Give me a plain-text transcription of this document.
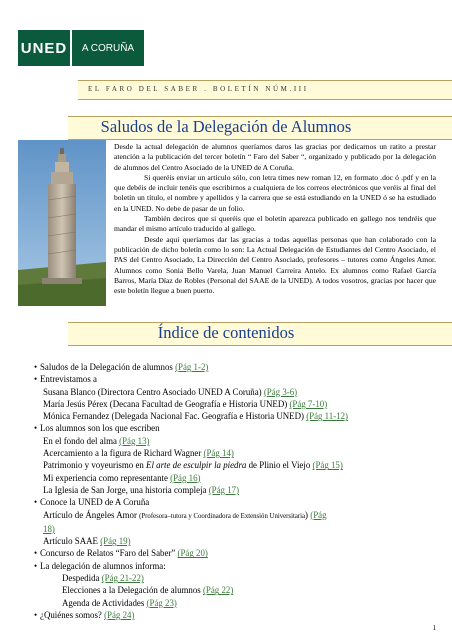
UNED	A CORUÑA
EL FARO DEL SABER . BOLETÍN NÚM.III
Saludos de la Delegación de Alumnos

Desde la actual delegación de alumnos queríamos daros las gracias por dedicarnos un ratito a prestar atención a la publicación del tercer boletín “ Faro del Saber “, organizado y publicado por la delegación de alumnos del Centro Asociado de la UNED de A Coruña.

Si queréis enviar un artículo sólo, con letra times new roman 12, en formato .doc ó .pdf y en la que debéis de incluir tenéis que escribirnos a cualquiera de los correos electrónicos que veréis al final del boletín un título, el nombre y apellidos y la carrera que se está estudiando en la UNED ó se ha estudiado en la UNED. No debe de pasar de un folio.

También deciros que si queréis que el boletín aparezca publicado en gallego nos tendréis que mandar el mismo artículo traducido al gallego.

Desde aquí queríamos dar las gracias a todas aquellas personas que han colaborado con la publicación de dicho boletín como lo son: La Actual Delegación de Estudiantes del Centro Asociado, el PAS del Centro Asociado, La Dirección del Centro Asociado, profesores – tutores como Ángeles Amor. Alumnos como Sonia Bello Varela, Juan Manuel Carreira Antelo. Ex alumnos como Rafael García Barros, María Díaz de Robles (Personal del SAAE de la UNED). A todos vosotros, gracias por hacer que este boletín llegue a buen puerto.

Índice de contenidos
• Saludos de la Delegación de alumnos (Pág 1-2)
• Entrevistamos a
Susana Blanco (Directora Centro Asociado UNED A Coruña) (Pág 3-6)
María Jesús Pérex (Decana Facultad de Geografía e Historia UNED) (Pág 7-10)
Mónica Fernandez (Delegada Nacional Fac. Geografía e Historia UNED) (Pág 11-12)
• Los alumnos son los que escriben
En el fondo del alma (Pág 13)
Acercamiento a la figura de Richard Wagner (Pág 14)
Patrimonio y voyeurismo en El arte de esculpir la piedra de Plinio el Viejo (Pág 15)
Mi experiencia como representante (Pág 16)
La Iglesia de San Jorge, una historia compleja (Pág 17)
• Conoce la UNED de A Coruña
Artículo de Ángeles Amor (Profesora–tutora y Coordinadora de Extensión Universitaria) (Pág
18)
Artículo SAAE (Pág 19)
• Concurso de Relatos “Faro del Saber” (Pág 20)
• La delegación de alumnos informa:
Despedida (Pág 21-22)
Elecciones a la Delegación de alumnos (Pág 22)
Agenda de Actividades (Pág 23)
• ¿Quiénes somos? (Pág 24)
1
